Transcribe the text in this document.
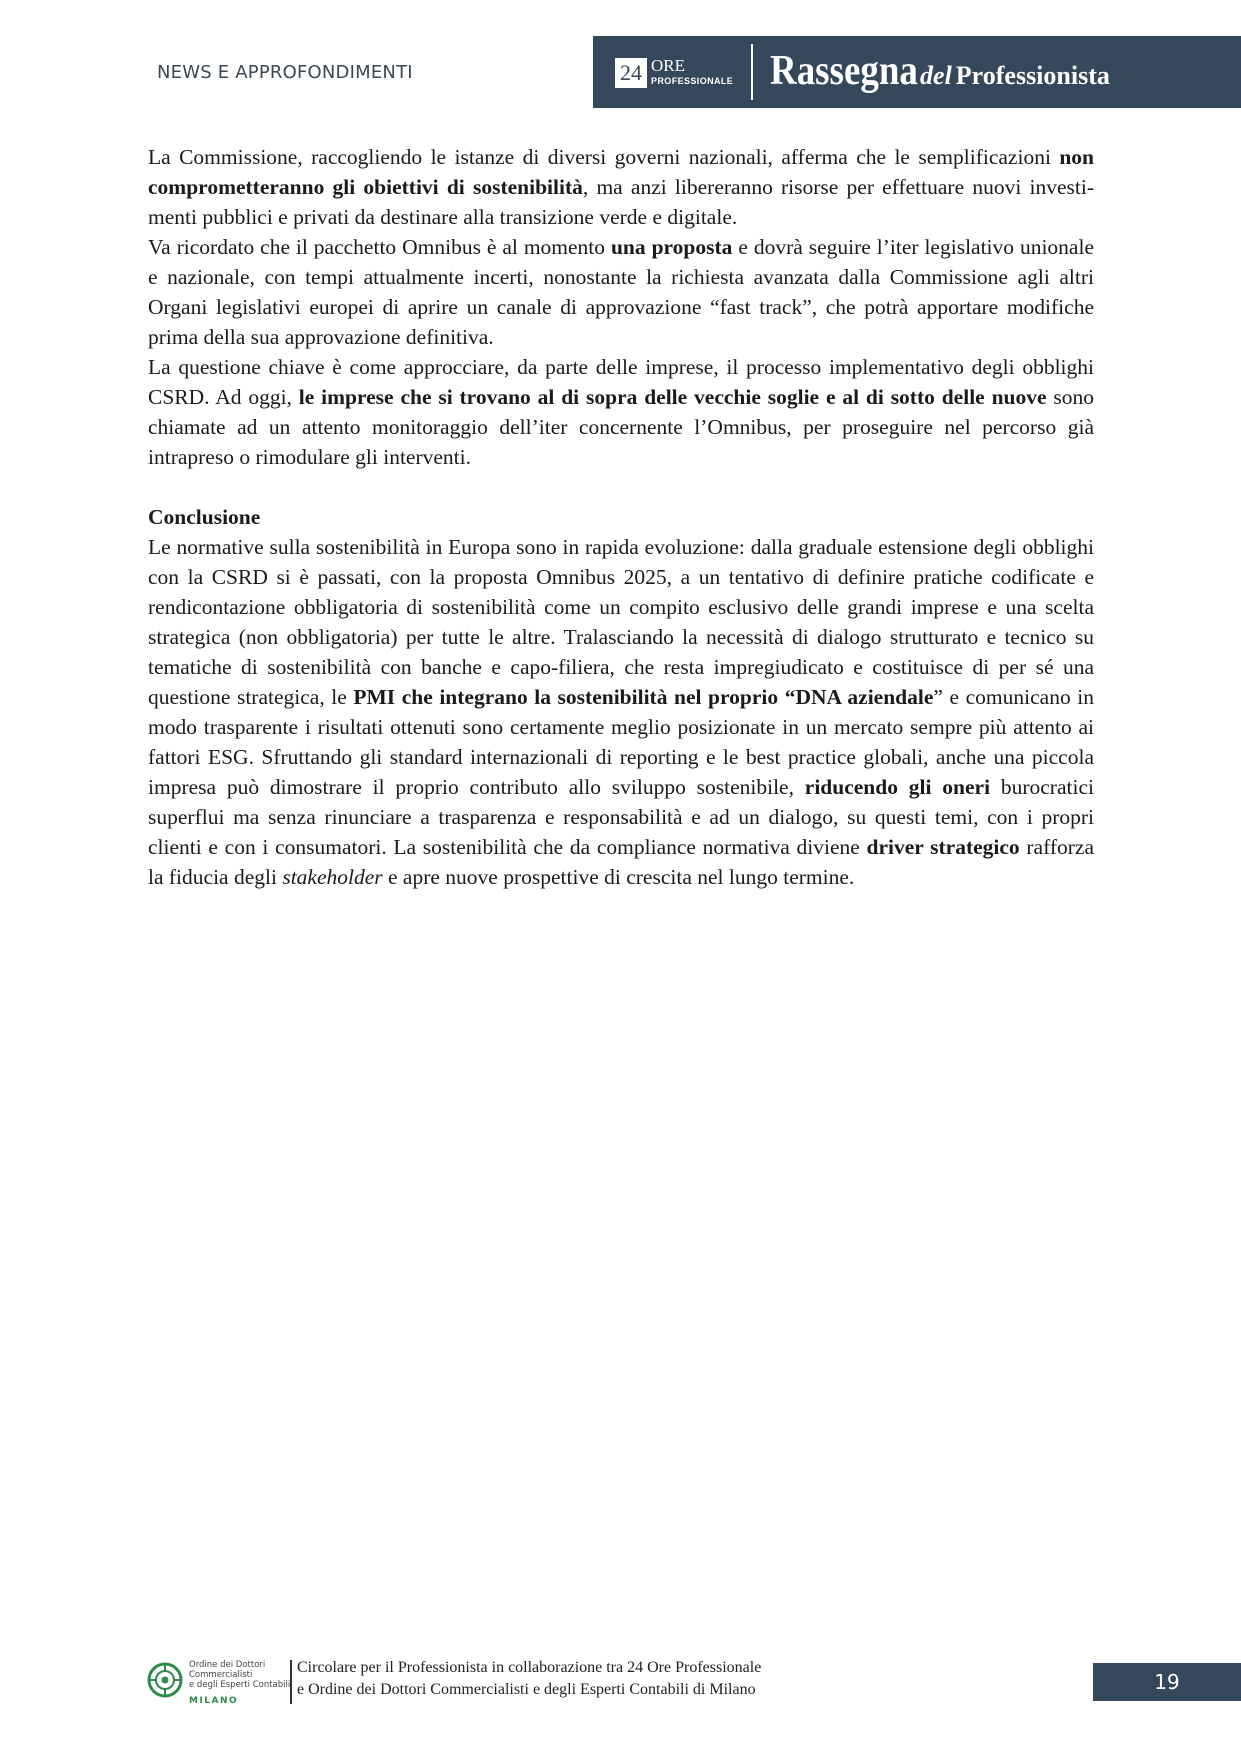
NEWS E APPROFONDIMENTI	24 ORE
PROFESSIONALE Rassegna del Professionista

La Commissione, raccogliendo le istanze di diversi governi nazionali, afferma che le semplificazioni non comprometteranno gli obiettivi di sostenibilità, ma anzi libereranno risorse per effettuare nuovi investimenti pubblici e privati da destinare alla transizione verde e digitale.

Va ricordato che il pacchetto Omnibus è al momento una proposta e dovrà seguire l’iter legislativo unionale e nazionale, con tempi attualmente incerti, nonostante la richiesta avanzata dalla Commissione agli altri Organi legislativi europei di aprire un canale di approvazione “fast track”, che potrà apportare modifiche prima della sua approvazione definitiva.

La questione chiave è come approcciare, da parte delle imprese, il processo implementativo degli obblighi CSRD. Ad oggi, le imprese che si trovano al di sopra delle vecchie soglie e al di sotto delle nuove sono chiamate ad un attento monitoraggio dell’iter concernente l’Omnibus, per proseguire nel percorso già intrapreso o rimodulare gli interventi.

Conclusione

Le normative sulla sostenibilità in Europa sono in rapida evoluzione: dalla graduale estensione degli obblighi con la CSRD si è passati, con la proposta Omnibus 2025, a un tentativo di definire pratiche codificate e rendicontazione obbligatoria di sostenibilità come un compito esclusivo delle grandi imprese e una scelta strategica (non obbligatoria) per tutte le altre. Tralasciando la necessità di dialogo strutturato e tecnico su tematiche di sostenibilità con banche e capo-filiera, che resta impregiudicato e costituisce di per sé una questione strategica, le PMI che integrano la sostenibilità nel proprio “DNA aziendale” e comunicano in modo trasparente i risultati ottenuti sono certamente meglio posizionate in un mercato sempre più attento ai fattori ESG. Sfruttando gli standard internazionali di reporting e le best practice globali, anche una piccola impresa può dimostrare il proprio contributo allo sviluppo sostenibile, riducendo gli oneri burocratici superflui ma senza rinunciare a trasparenza e responsabilità e ad un dialogo, su questi temi, con i propri clienti e con i consumatori. La sostenibilità che da compliance normativa diviene driver strategico rafforza la fiducia degli stakeholder e apre nuove prospettive di crescita nel lungo termine.

Ordine dei Dottori
Commercialisti
e degli Esperti Contabili
MILANO
Circolare per il Professionista in collaborazione tra 24 Ore Professionale
e Ordine dei Dottori Commercialisti e degli Esperti Contabili di Milano	19
